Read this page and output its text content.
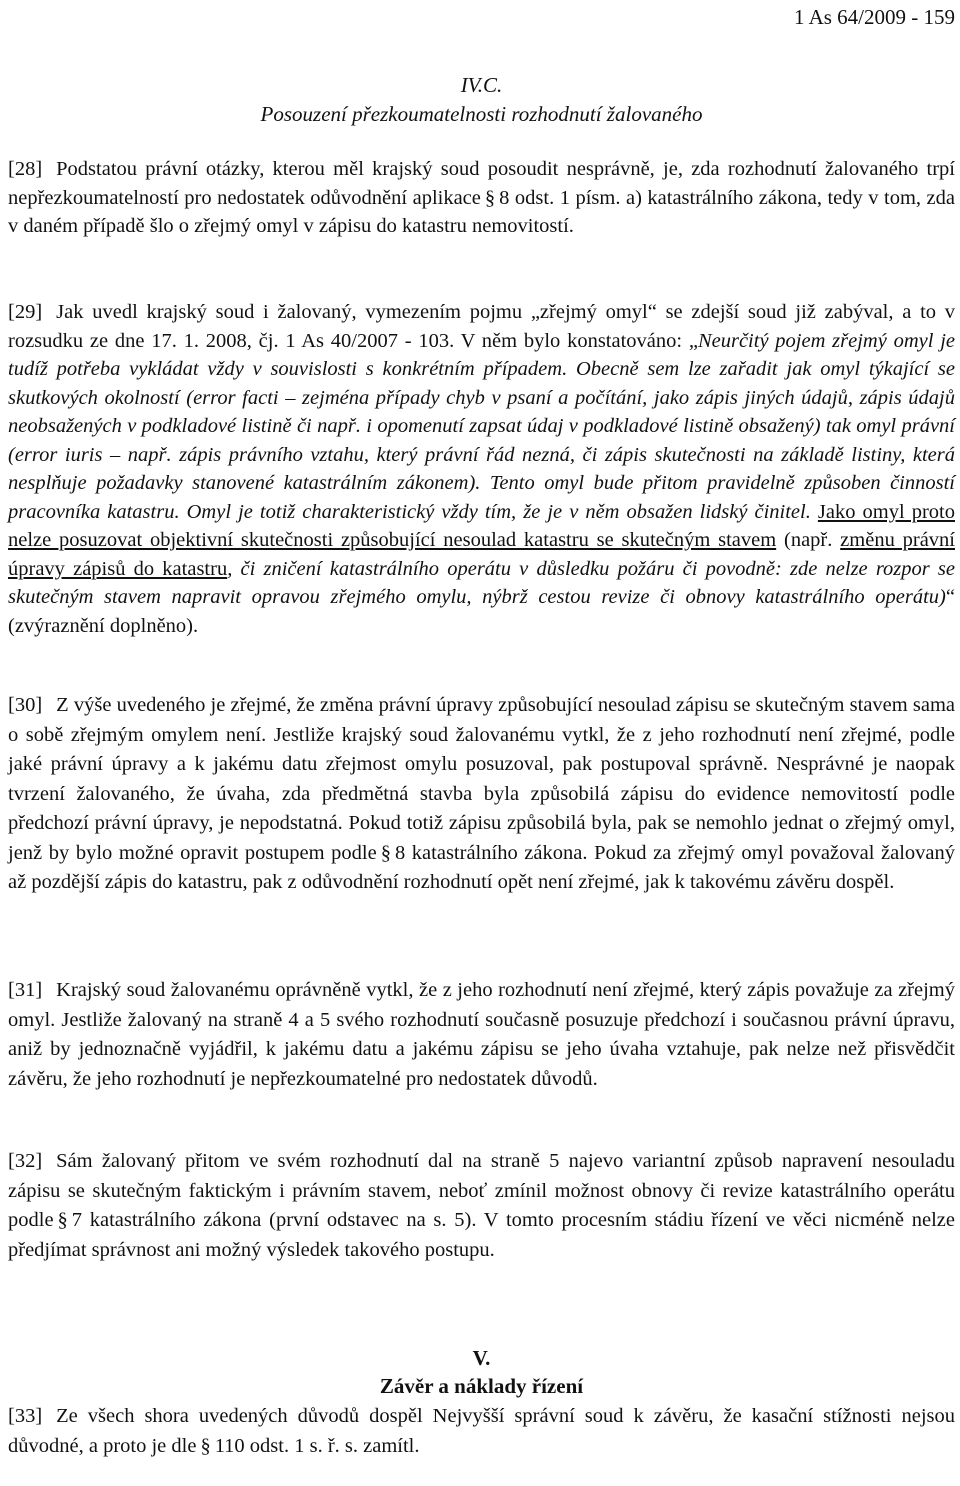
1 As 64/2009 - 159
IV.C.
Posouzení přezkoumatelnosti rozhodnutí žalovaného

[28] Podstatou právní otázky, kterou měl krajský soud posoudit nesprávně, je, zda rozhodnutí žalovaného trpí nepřezkoumatelností pro nedostatek odůvodnění aplikace § 8 odst. 1 písm. a) katastrálního zákona, tedy v tom, zda v daném případě šlo o zřejmý omyl v zápisu do katastru nemovitostí.

[29] Jak uvedl krajský soud i žalovaný, vymezením pojmu „zřejmý omyl“ se zdejší soud již zabýval, a to v rozsudku ze dne 17. 1. 2008, čj. 1 As 40/2007 - 103. V něm bylo konstatováno: „Neurčitý pojem zřejmý omyl je tudíž potřeba vykládat vždy v souvislosti s konkrétním případem. Obecně sem lze zařadit jak omyl týkající se skutkových okolností (error facti – zejména případy chyb v psaní a počítání, jako zápis jiných údajů, zápis údajů neobsažených v podkladové listině či např. i opomenutí zapsat údaj v podkladové listině obsažený) tak omyl právní (error iuris – např. zápis právního vztahu, který právní řád nezná, či zápis skutečnosti na základě listiny, která nesplňuje požadavky stanovené katastrálním zákonem). Tento omyl bude přitom pravidelně způsoben činností pracovníka katastru. Omyl je totiž charakteristický vždy tím, že je v něm obsažen lidský činitel. Jako omyl proto nelze posuzovat objektivní skutečnosti způsobující nesoulad katastru se skutečným stavem (např. změnu právní úpravy zápisů do katastru, či zničení katastrálního operátu v důsledku požáru či povodně: zde nelze rozpor se skutečným stavem napravit opravou zřejmého omylu, nýbrž cestou revize či obnovy katastrálního operátu)“ (zvýraznění doplněno).

[30] Z výše uvedeného je zřejmé, že změna právní úpravy způsobující nesoulad zápisu se skutečným stavem sama o sobě zřejmým omylem není. Jestliže krajský soud žalovanému vytkl, že z jeho rozhodnutí není zřejmé, podle jaké právní úpravy a k jakému datu zřejmost omylu posuzoval, pak postupoval správně. Nesprávné je naopak tvrzení žalovaného, že úvaha, zda předmětná stavba byla způsobilá zápisu do evidence nemovitostí podle předchozí právní úpravy, je nepodstatná. Pokud totiž zápisu způsobilá byla, pak se nemohlo jednat o zřejmý omyl, jenž by bylo možné opravit postupem podle § 8 katastrálního zákona. Pokud za zřejmý omyl považoval žalovaný až pozdější zápis do katastru, pak z odůvodnění rozhodnutí opět není zřejmé, jak k takovému závěru dospěl.

[31] Krajský soud žalovanému oprávněně vytkl, že z jeho rozhodnutí není zřejmé, který zápis považuje za zřejmý omyl. Jestliže žalovaný na straně 4 a 5 svého rozhodnutí současně posuzuje předchozí i současnou právní úpravu, aniž by jednoznačně vyjádřil, k jakému datu a jakému zápisu se jeho úvaha vztahuje, pak nelze než přisvědčit závěru, že jeho rozhodnutí je nepřezkoumatelné pro nedostatek důvodů.

[32] Sám žalovaný přitom ve svém rozhodnutí dal na straně 5 najevo variantní způsob napravení nesouladu zápisu se skutečným faktickým i právním stavem, neboť zmínil možnost obnovy či revize katastrálního operátu podle § 7 katastrálního zákona (první odstavec na s. 5). V tomto procesním stádiu řízení ve věci nicméně nelze předjímat správnost ani možný výsledek takového postupu.

V.
Závěr a náklady řízení

[33] Ze všech shora uvedených důvodů dospěl Nejvyšší správní soud k závěru, že kasační stížnosti nejsou důvodné, a proto je dle § 110 odst. 1 s. ř. s. zamítl.
